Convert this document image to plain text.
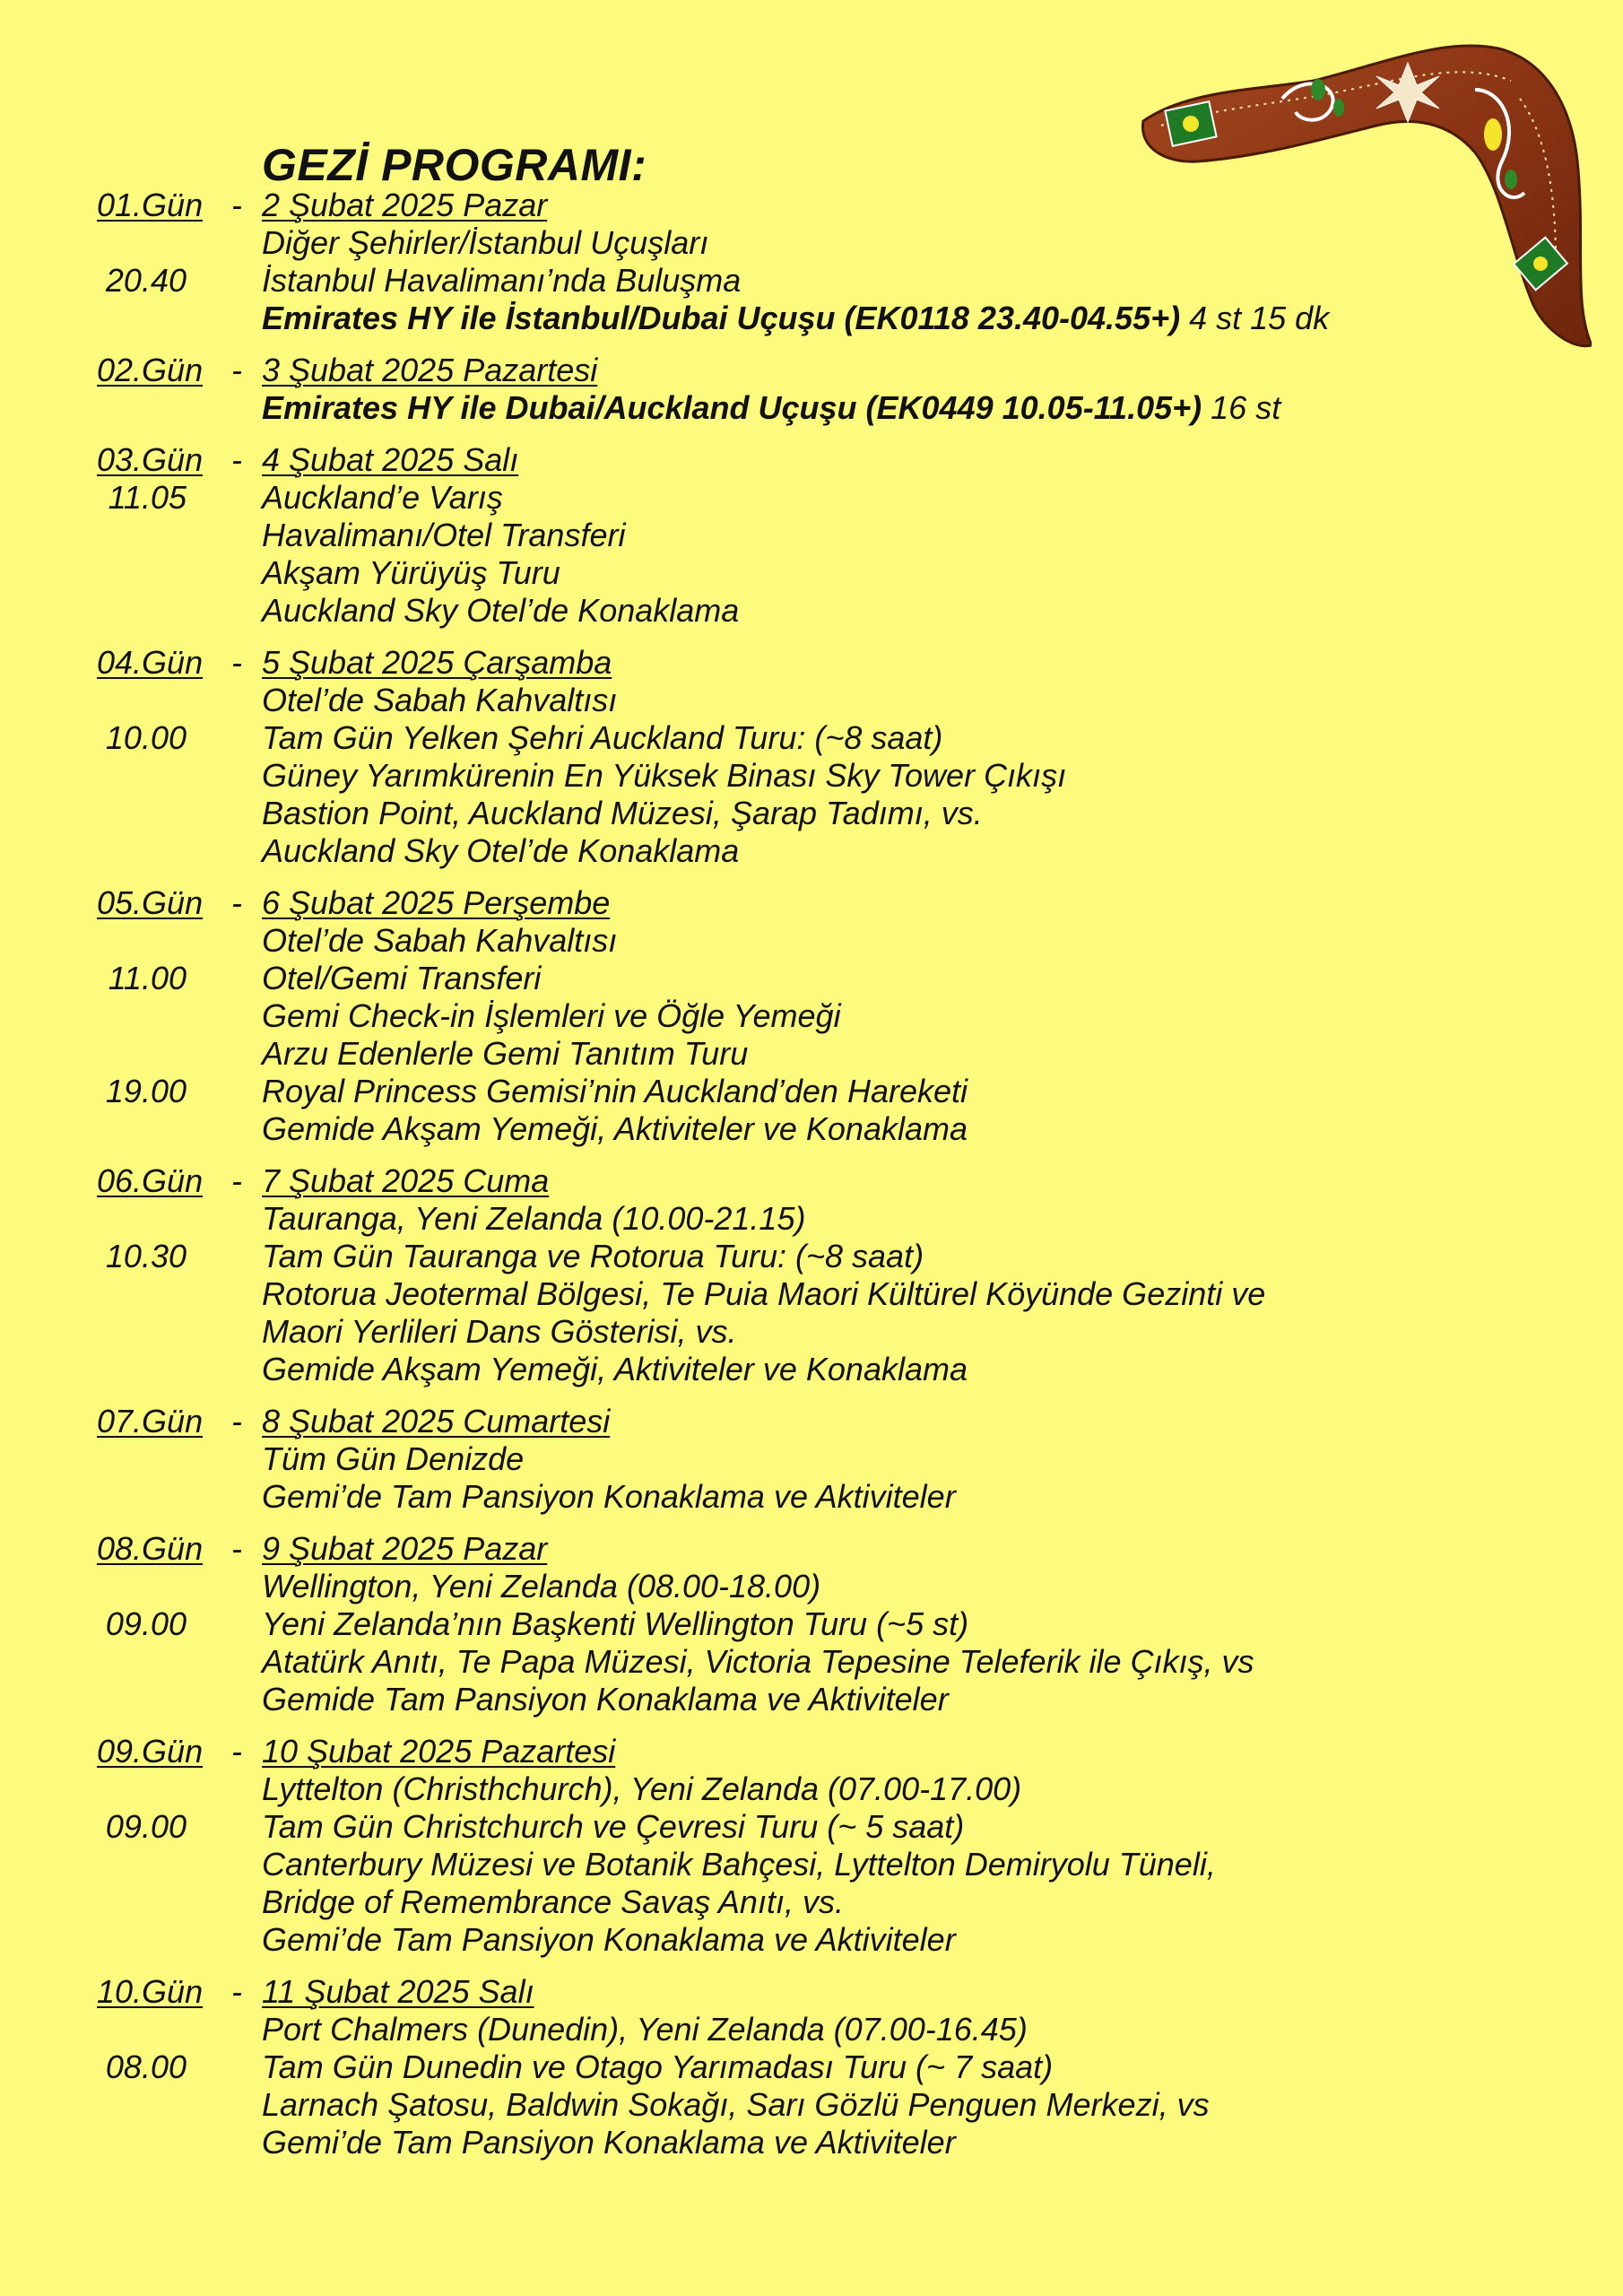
GEZİ PROGRAMI:
01.Gün - 2 Şubat 2025 Pazar
Diğer Şehirler/İstanbul Uçuşları
20.40	İstanbul Havalimanı’nda Buluşma
Emirates HY ile İstanbul/Dubai Uçuşu (EK0118 23.40-04.55+) 4 st 15 dk
02.Gün - 3 Şubat 2025 Pazartesi
Emirates HY ile Dubai/Auckland Uçuşu (EK0449 10.05-11.05+) 16 st
03.Gün - 4 Şubat 2025 Salı
11.05	Auckland’e Varış
Havalimanı/Otel Transferi
Akşam Yürüyüş Turu
Auckland Sky Otel’de Konaklama
04.Gün - 5 Şubat 2025 Çarşamba
Otel’de Sabah Kahvaltısı
10.00	Tam Gün Yelken Şehri Auckland Turu: (~8 saat)
Güney Yarımkürenin En Yüksek Binası Sky Tower Çıkışı
Bastion Point, Auckland Müzesi, Şarap Tadımı, vs.
Auckland Sky Otel’de Konaklama
05.Gün - 6 Şubat 2025 Perşembe
Otel’de Sabah Kahvaltısı
11.00	Otel/Gemi Transferi
Gemi Check-in İşlemleri ve Öğle Yemeği
Arzu Edenlerle Gemi Tanıtım Turu
19.00	Royal Princess Gemisi’nin Auckland’den Hareketi
Gemide Akşam Yemeği, Aktiviteler ve Konaklama
06.Gün - 7 Şubat 2025 Cuma
Tauranga, Yeni Zelanda (10.00-21.15)
10.30	Tam Gün Tauranga ve Rotorua Turu: (~8 saat)
Rotorua Jeotermal Bölgesi, Te Puia Maori Kültürel Köyünde Gezinti ve
Maori Yerlileri Dans Gösterisi, vs.
Gemide Akşam Yemeği, Aktiviteler ve Konaklama
07.Gün - 8 Şubat 2025 Cumartesi
Tüm Gün Denizde
Gemi’de Tam Pansiyon Konaklama ve Aktiviteler
08.Gün - 9 Şubat 2025 Pazar
Wellington, Yeni Zelanda (08.00-18.00)
09.00	Yeni Zelanda’nın Başkenti Wellington Turu (~5 st)
Atatürk Anıtı, Te Papa Müzesi, Victoria Tepesine Teleferik ile Çıkış, vs
Gemide Tam Pansiyon Konaklama ve Aktiviteler
09.Gün - 10 Şubat 2025 Pazartesi
Lyttelton (Christhchurch), Yeni Zelanda (07.00-17.00)
09.00	Tam Gün Christchurch ve Çevresi Turu (~ 5 saat)
Canterbury Müzesi ve Botanik Bahçesi, Lyttelton Demiryolu Tüneli,
Bridge of Remembrance Savaş Anıtı, vs.
Gemi’de Tam Pansiyon Konaklama ve Aktiviteler
10.Gün - 11 Şubat 2025 Salı
Port Chalmers (Dunedin), Yeni Zelanda (07.00-16.45)
08.00	Tam Gün Dunedin ve Otago Yarımadası Turu (~ 7 saat)
Larnach Şatosu, Baldwin Sokağı, Sarı Gözlü Penguen Merkezi, vs
Gemi’de Tam Pansiyon Konaklama ve Aktiviteler
